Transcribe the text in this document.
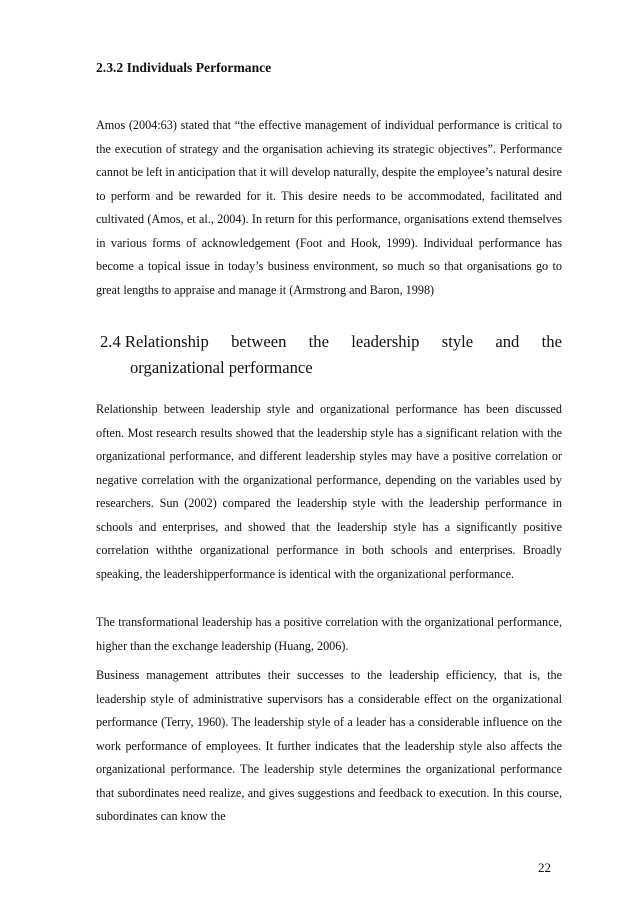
2.3.2 Individuals Performance

Amos (2004:63) stated that “the effective management of individual performance is critical to the execution of strategy and the organisation achieving its strategic objectives”. Performance cannot be left in anticipation that it will develop naturally, despite the employee’s natural desire to perform and be rewarded for it. This desire needs to be accommodated, facilitated and cultivated (Amos, et al., 2004). In return for this performance, organisations extend themselves in various forms of acknowledgement (Foot and Hook, 1999). Individual performance has become a topical issue in today’s business environment, so much so that organisations go to great lengths to appraise and manage it (Armstrong and Baron, 1998)

2.4 Relationship between the leadership style and the
organizational performance

Relationship between leadership style and organizational performance has been discussed often. Most research results showed that the leadership style has a significant relation with the organizational performance, and different leadership styles may have a positive correlation or negative correlation with the organizational performance, depending on the variables used by researchers. Sun (2002) compared the leadership style with the leadership performance in schools and enterprises, and showed that the leadership style has a significantly positive correlation withthe organizational performance in both schools and enterprises. Broadly speaking, the leadershipperformance is identical with the organizational performance.

The transformational leadership has a positive correlation with the organizational performance, higher than the exchange leadership (Huang, 2006).

Business management attributes their successes to the leadership efficiency, that is, the leadership style of administrative supervisors has a considerable effect on the organizational performance (Terry, 1960). The leadership style of a leader has a considerable influence on the work performance of employees. It further indicates that the leadership style also affects the organizational performance. The leadership style determines the organizational performance that subordinates need realize, and gives suggestions and feedback to execution. In this course, subordinates can know the

22
